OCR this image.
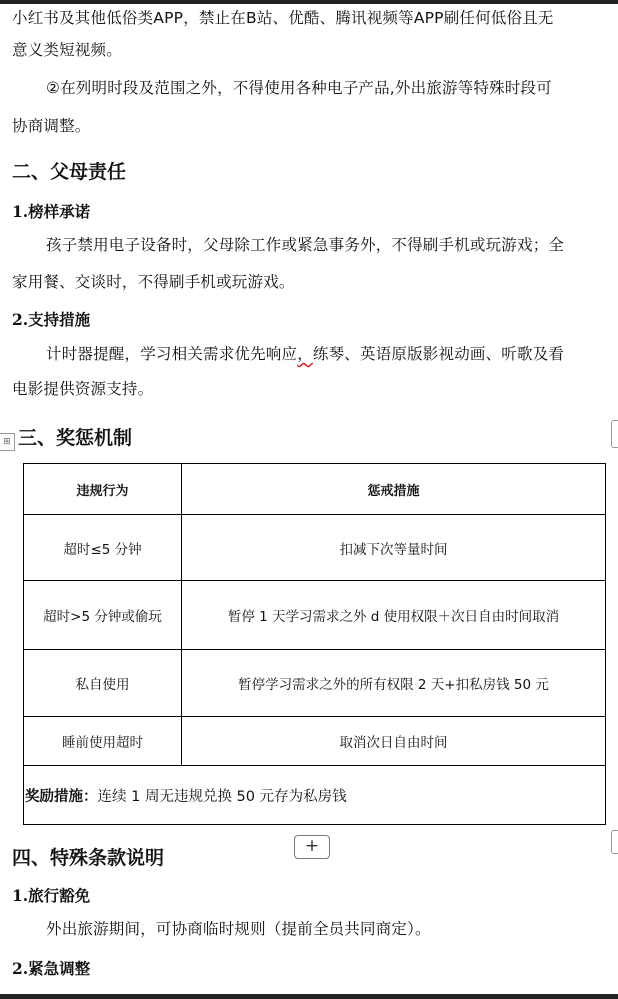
小红书及其他低俗类APP，禁止在B站、优酷、腾讯视频等APP刷任何低俗且无
意义类短视频。
②在列明时段及范围之外，不得使用各种电子产品,外出旅游等特殊时段可
协商调整。
二、父母责任
1.榜样承诺
孩子禁用电子设备时，父母除工作或紧急事务外，不得刷手机或玩游戏；全
家用餐、交谈时，不得刷手机或玩游戏。
2.支持措施
计时器提醒，学习相关需求优先响应，练琴、英语原版影视动画、听歌及看
电影提供资源支持。
⊞ 三、奖惩机制
违规行为	惩戒措施
超时≤5 分钟	扣减下次等量时间
超时>5 分钟或偷玩	暂停 1 天学习需求之外 d 使用权限＋次日自由时间取消
私自使用	暂停学习需求之外的所有权限 2 天+扣私房钱 50 元
睡前使用超时	取消次日自由时间
奖励措施：连续 1 周无违规兑换 50 元存为私房钱	
+
四、特殊条款说明
1.旅行豁免
外出旅游期间，可协商临时规则（提前全员共同商定）。
2.紧急调整
